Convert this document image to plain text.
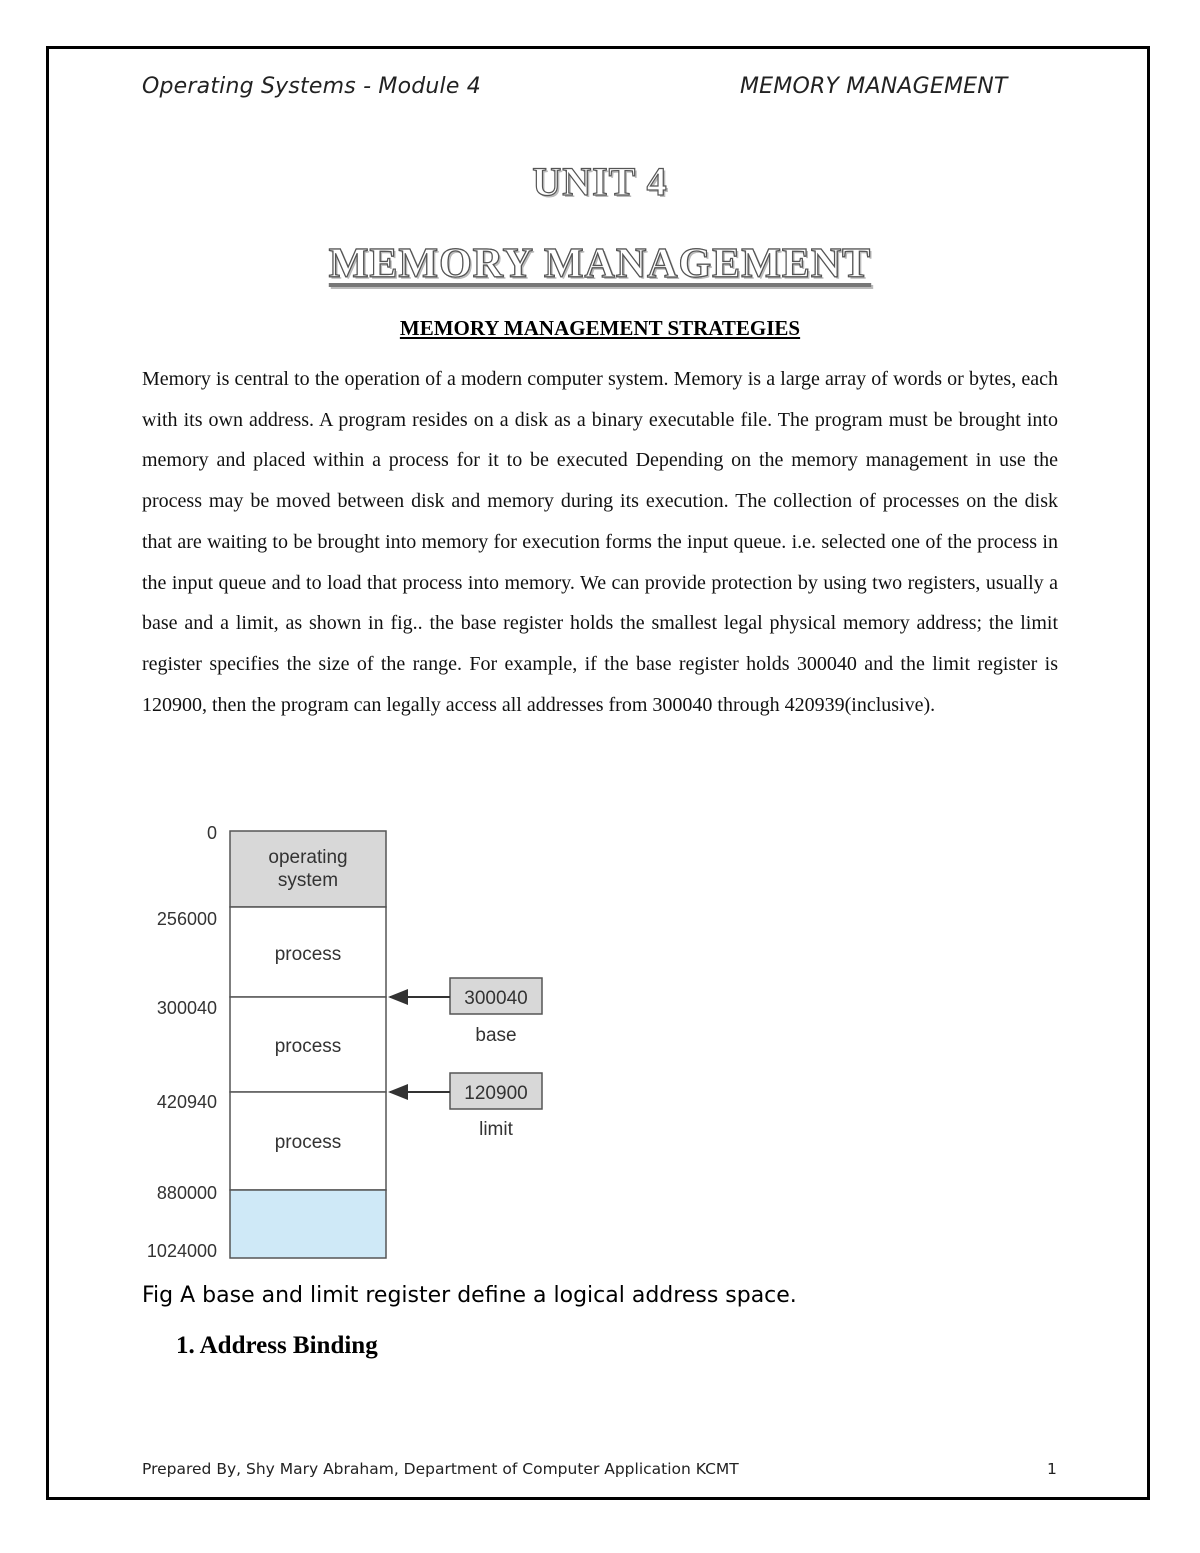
Operating Systems - Module 4	MEMORY MANAGEMENT
UNIT 4
MEMORY MANAGEMENT
MEMORY MANAGEMENT STRATEGIES
Memory is central to the operation of a modern computer system. Memory is a large array of words or bytes, each with its own address. A program resides on a disk as a binary executable file. The program must be brought into memory and placed within a process for it to be executed Depending on the memory management in use the process may be moved between disk and memory during its execution. The collection of processes on the disk that are waiting to be brought into memory for execution forms the input queue. i.e. selected one of the process in the input queue and to load that process into memory. We can provide protection by using two registers, usually a base and a limit, as shown in fig.. the base register holds the smallest legal physical memory address; the limit register specifies the size of the range. For example, if the base register holds 300040 and the limit register is 120900, then the program can legally access all addresses from 300040 through 420939(inclusive).
operating
system
process
process
process
0
256000
300040
420940
880000
1024000
300040
base
120900
limit
Fig A base and limit register define a logical address space.
1. Address Binding
Prepared By, Shy Mary Abraham, Department of Computer Application KCMT	1
